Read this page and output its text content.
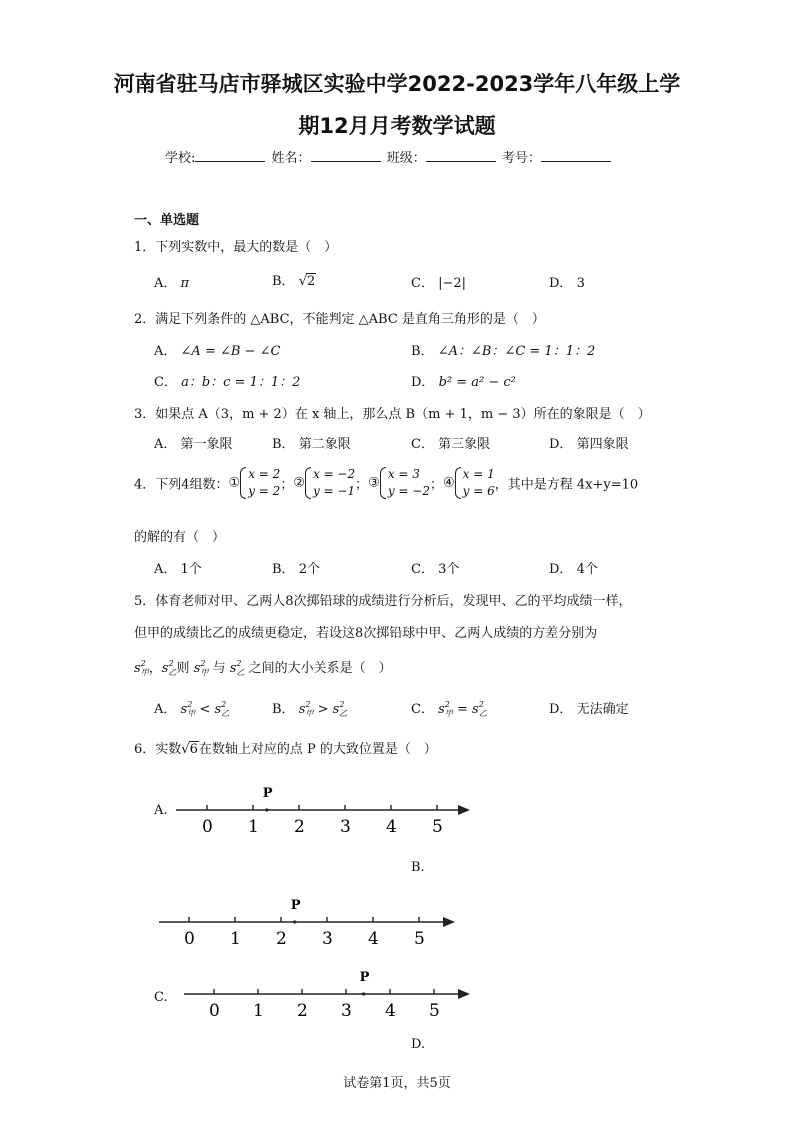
河南省驻马店市驿城区实验中学2022-2023学年八年级上学
期12月月考数学试题
学校:	姓名：	班级：	考号：
一、单选题
1．下列实数中，最大的数是（　）
A． π	B． √2	C． |−2|	D． 3
2．满足下列条件的 △ABC，不能判定 △ABC 是直角三角形的是（　）
A． ∠A = ∠B − ∠C	B． ∠A：∠B：∠C = 1：1：2
C． a：b：c = 1：1：2	D． b² = a² − c²
3．如果点 A（3，m + 2）在 x 轴上，那么点 B（m + 1，m − 3）所在的象限是（　）
A． 第一象限	B． 第二象限	C． 第三象限	D． 第四象限
4．下列4组数：①
x = 2
y = 2 ；②
x = −2
y = −1 ；③
x = 3
y = −2 ；④
x = 1
y = 6 ，其中是方程 4x+y=10
的解的有（　）
A． 1个	B． 2个	C． 3个	D． 4个
5．体育老师对甲、乙两人8次掷铅球的成绩进行分析后，发现甲、乙的平均成绩一样，
但甲的成绩比乙的成绩更稳定，若设这8次掷铅球中甲、乙两人成绩的方差分别为
$s^2_甲$，$s^2_乙$则 $s^2_甲$ 与 $s^2_乙$ 之间的大小关系是（　）
A． $s^2_甲 < s^2_乙$	B． $s^2_甲 > s^2_乙$	C． $s^2_甲 = s^2_乙$	D． 无法确定
6．实数√6在数轴上对应的点 P 的大致位置是（　）
A.
0 1 2 3 4 5
P
B.
0 1 2 3 4 5
P
C.
0 1 2 3 4 5
P
D.
试卷第1页，共5页
